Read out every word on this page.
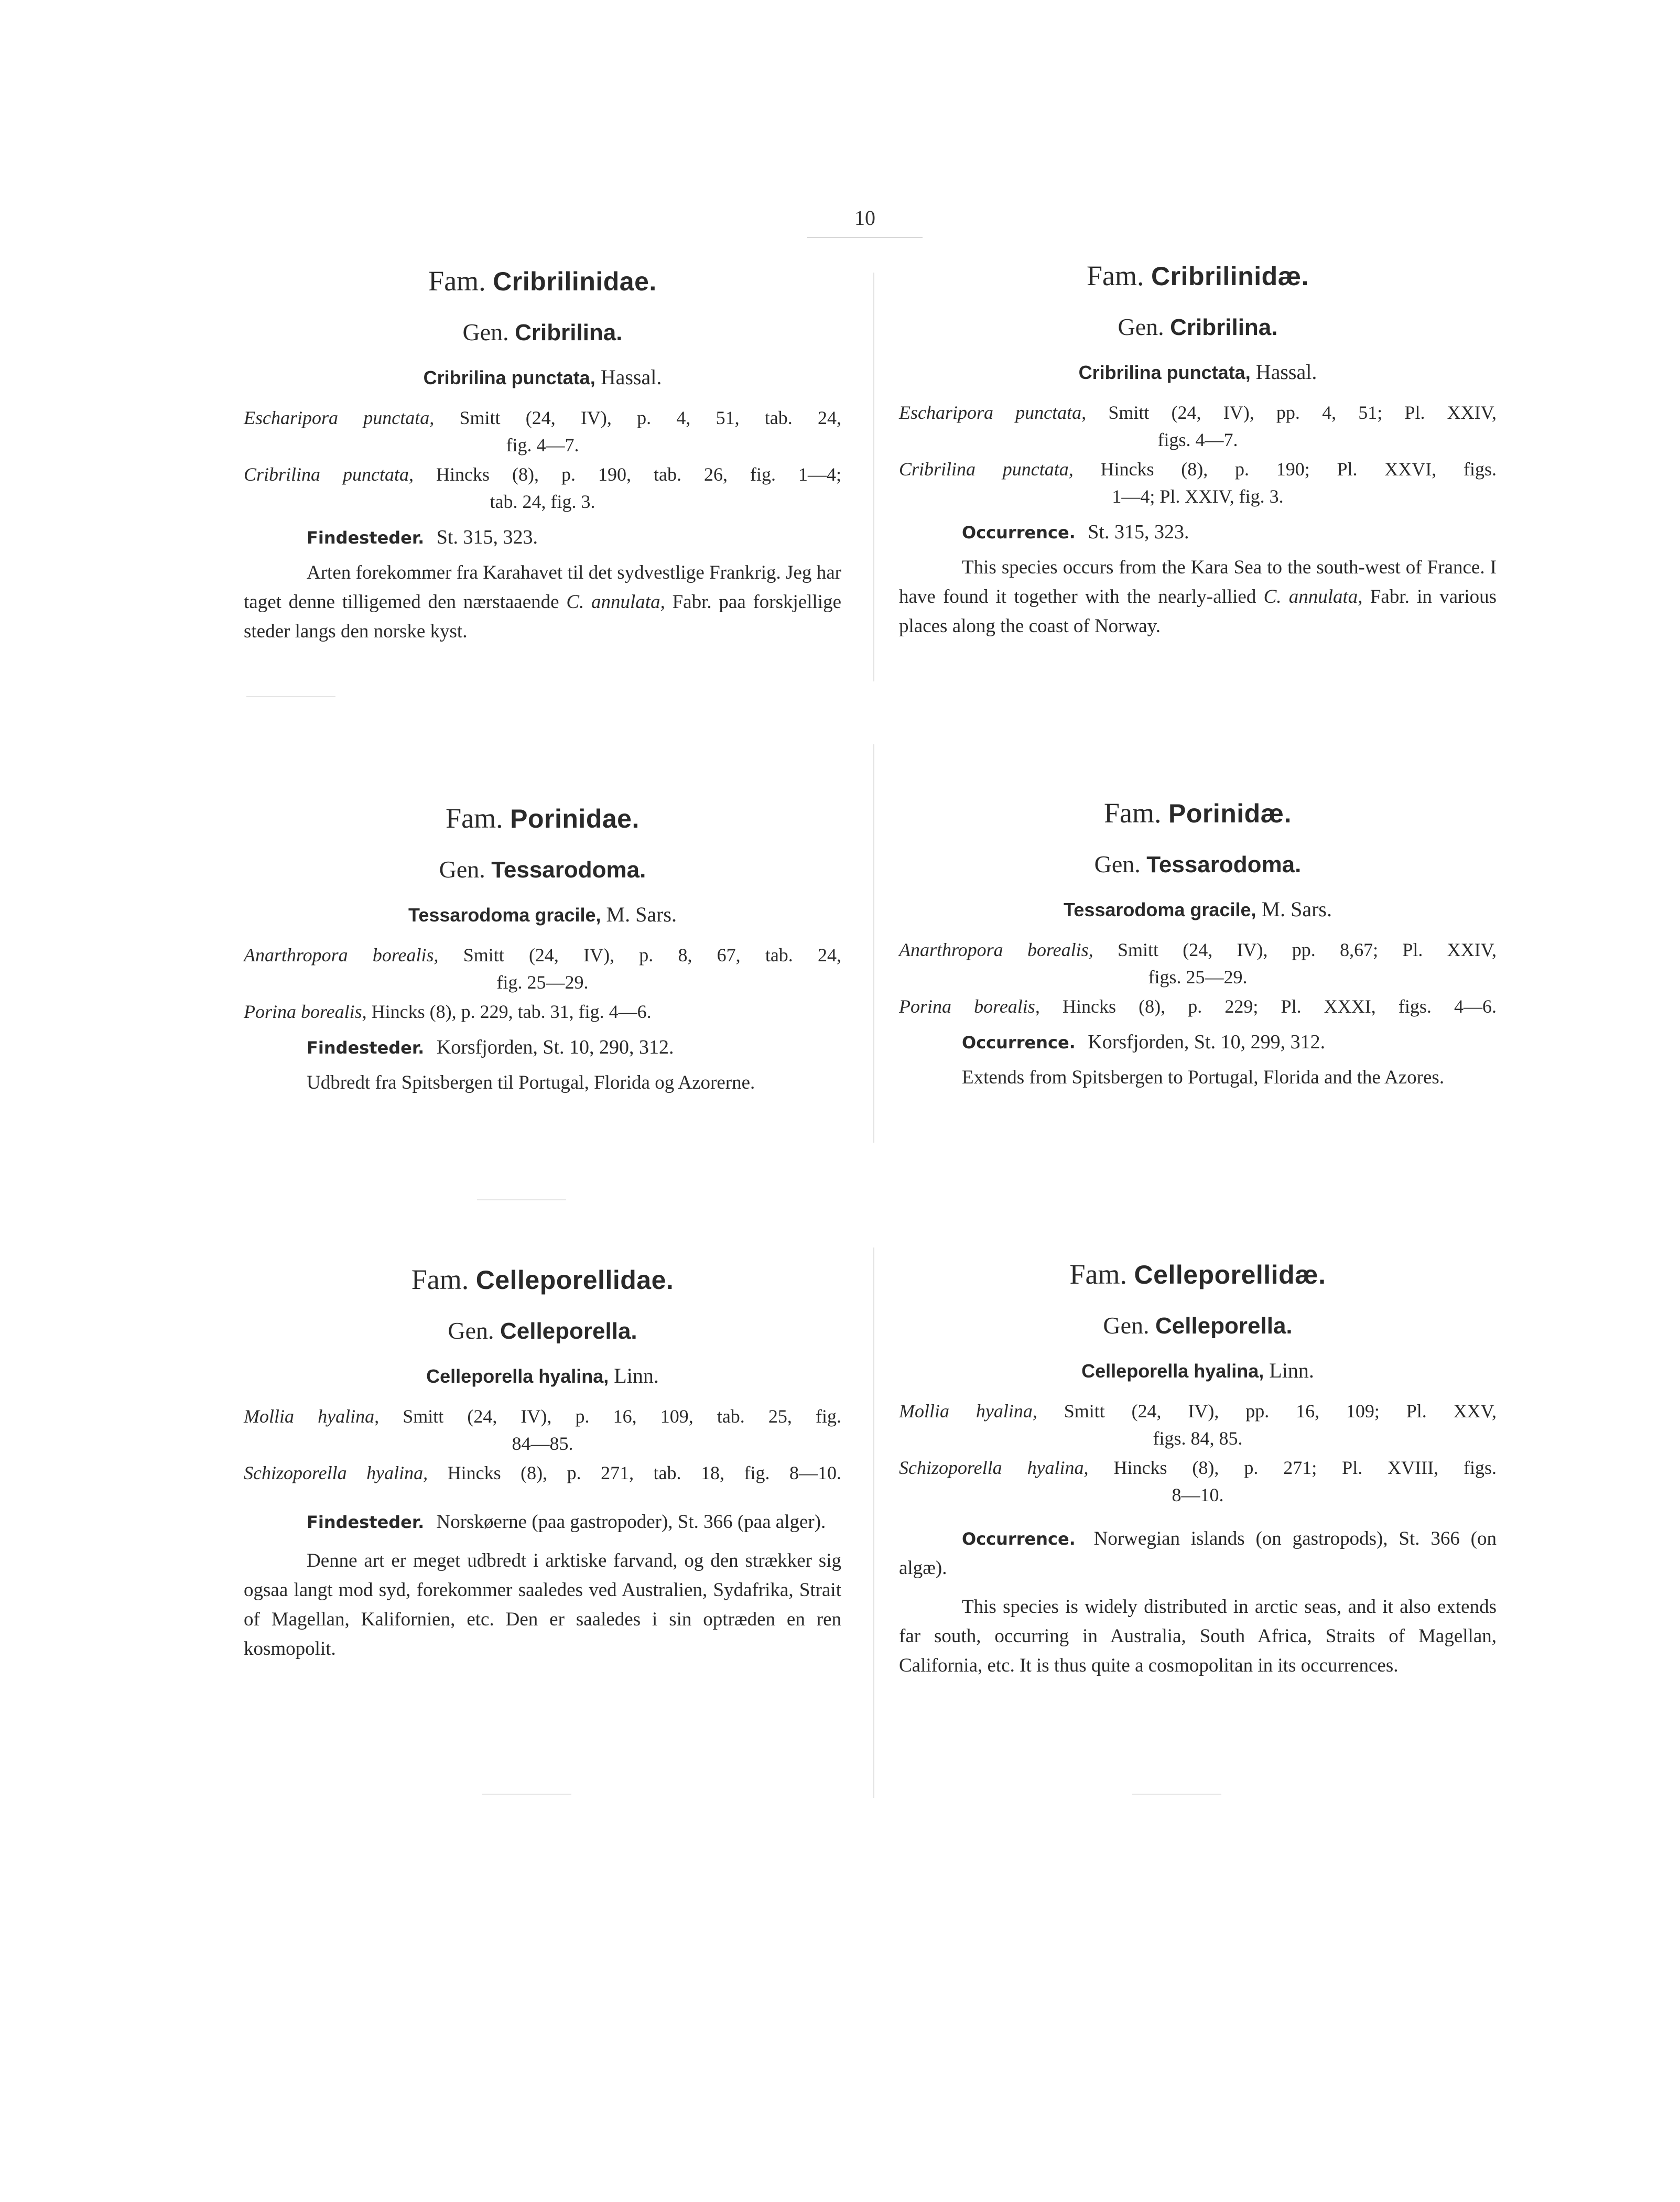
10
Fam. Cribrilinidae.
Gen. Cribrilina.
Cribrilina punctata, Hassal.
Escharipora punctata, Smitt (24, IV), p. 4, 51, tab. 24,
fig. 4—7.
Cribrilina punctata, Hincks (8), p. 190, tab. 26, fig. 1—4;
tab. 24, fig. 3.
Findesteder. St. 315, 323.

Arten forekommer fra Karahavet til det sydvestlige Frankrig. Jeg har taget denne tilligemed den nærstaaende C. annulata, Fabr. paa forskjellige steder langs den norske kyst.

Fam. Porinidae.
Gen. Tessarodoma.
Tessarodoma gracile, M. Sars.
Anarthropora borealis, Smitt (24, IV), p. 8, 67, tab. 24,
fig. 25—29.
Porina borealis, Hincks (8), p. 229, tab. 31, fig. 4—6.
Findesteder. Korsfjorden, St. 10, 290, 312.

Udbredt fra Spitsbergen til Portugal, Florida og Azorerne.

Fam. Celleporellidae.
Gen. Celleporella.
Celleporella hyalina, Linn.
Mollia hyalina, Smitt (24, IV), p. 16, 109, tab. 25, fig.
84—85.
Schizoporella hyalina, Hincks (8), p. 271, tab. 18, fig. 8—10.

Findesteder. Norskøerne (paa gastropoder), St. 366 (paa alger).

Denne art er meget udbredt i arktiske farvand, og den strækker sig ogsaa langt mod syd, forekommer saaledes ved Australien, Sydafrika, Strait of Magellan, Kalifornien, etc. Den er saaledes i sin optræden en ren kosmopolit.

Fam. Cribrilinidæ.
Gen. Cribrilina.
Cribrilina punctata, Hassal.
Escharipora punctata, Smitt (24, IV), pp. 4, 51; Pl. XXIV,
figs. 4—7.
Cribrilina punctata, Hincks (8), p. 190; Pl. XXVI, figs.
1—4; Pl. XXIV, fig. 3.
Occurrence. St. 315, 323.

This species occurs from the Kara Sea to the south-west of France. I have found it together with the nearly-allied C. annulata, Fabr. in various places along the coast of Norway.

Fam. Porinidæ.
Gen. Tessarodoma.
Tessarodoma gracile, M. Sars.
Anarthropora borealis, Smitt (24, IV), pp. 8,67; Pl. XXIV,
figs. 25—29.
Porina borealis, Hincks (8), p. 229; Pl. XXXI, figs. 4—6.
Occurrence. Korsfjorden, St. 10, 299, 312.

Extends from Spitsbergen to Portugal, Florida and the Azores.

Fam. Celleporellidæ.
Gen. Celleporella.
Celleporella hyalina, Linn.
Mollia hyalina, Smitt (24, IV), pp. 16, 109; Pl. XXV,
figs. 84, 85.
Schizoporella hyalina, Hincks (8), p. 271; Pl. XVIII, figs.
8—10.

Occurrence. Norwegian islands (on gastropods), St. 366 (on algæ).

This species is widely distributed in arctic seas, and it also extends far south, occurring in Australia, South Africa, Straits of Magellan, California, etc. It is thus quite a cosmopolitan in its occurrences.
